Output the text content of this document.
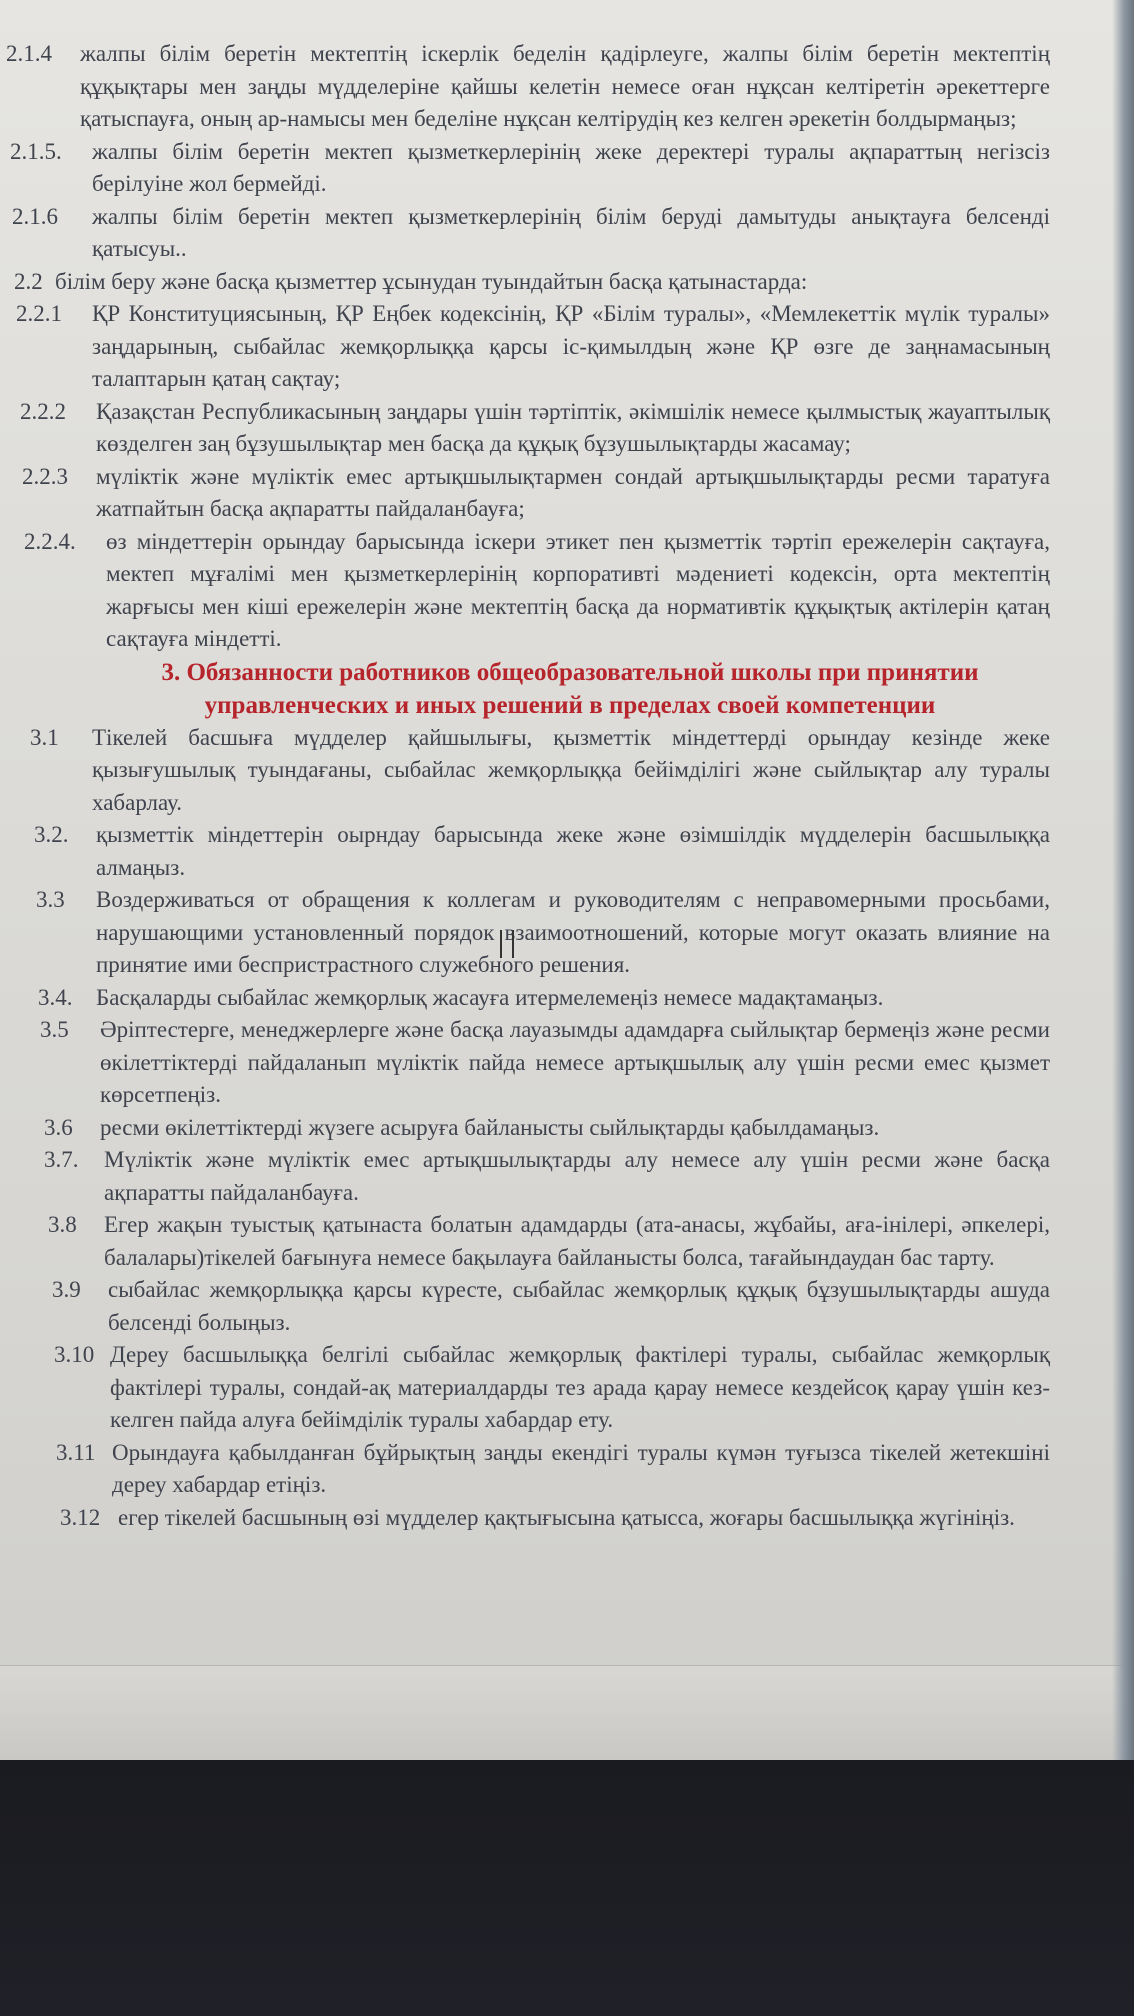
2.1.4 жалпы білім беретін мектептің іскерлік беделін қадірлеуге, жалпы білім беретін мектептің құқықтары мен заңды мүдделеріне қайшы келетін немесе оған нұқсан келтіретін әрекеттерге қатыспауға, оның ар-намысы мен беделіне нұқсан келтірудің кез келген әрекетін болдырмаңыз;

2.1.5. жалпы білім беретін мектеп қызметкерлерінің жеке деректері туралы ақпараттың негізсіз берілуіне жол бермейді.

2.1.6 жалпы білім беретін мектеп қызметкерлерінің білім беруді дамытуды анықтауға белсенді қатысуы..

2.2 білім беру және басқа қызметтер ұсынудан туындайтын басқа қатынастарда:

2.2.1 ҚР Конституциясының, ҚР Еңбек кодексінің, ҚР «Білім туралы», «Мемлекеттік мүлік туралы» заңдарының, сыбайлас жемқорлыққа қарсы іс-қимылдың және ҚР өзге де заңнамасының талаптарын қатаң сақтау;

2.2.2 Қазақстан Республикасының заңдары үшін тәртіптік, әкімшілік немесе қылмыстық жауаптылық көзделген заң бұзушылықтар мен басқа да құқық бұзушылықтарды жасамау;

2.2.3 мүліктік және мүліктік емес артықшылықтармен сондай артықшылықтарды ресми таратуға жатпайтын басқа ақпаратты пайдаланбауға;

2.2.4. өз міндеттерін орындау барысында іскери этикет пен қызметтік тәртіп ережелерін сақтауға, мектеп мұғалімі мен қызметкерлерінің корпоративті мәдениеті кодексін, орта мектептің жарғысы мен кіші ережелерін және мектептің басқа да нормативтік құқықтық актілерін қатаң сақтауға міндетті.

3. Обязанности работников общеобразовательной школы при принятии

управленческих и иных решений в пределах своей компетенции

3.1 Тікелей басшыға мүдделер қайшылығы, қызметтік міндеттерді орындау кезінде жеке қызығушылық туындағаны, сыбайлас жемқорлыққа бейімділігі және сыйлықтар алу туралы хабарлау.

3.2. қызметтік міндеттерін оырндау барысында жеке және өзімшілдік мүдделерін басшылыққа алмаңыз.

3.3 Воздерживаться от обращения к коллегам и руководителям с неправомерными просьбами, нарушающими установленный порядок взаимоотношений, которые могут оказать влияние на принятие ими беспристрастного служебного решения.

3.4. Басқаларды сыбайлас жемқорлық жасауға итермелемеңіз немесе мадақтамаңыз.

3.5 Әріптестерге, менеджерлерге және басқа лауазымды адамдарға сыйлықтар бермеңіз және ресми өкілеттіктерді пайдаланып мүліктік пайда немесе артықшылық алу үшін ресми емес қызмет көрсетпеңіз.

3.6 ресми өкілеттіктерді жүзеге асыруға байланысты сыйлықтарды қабылдамаңыз.

3.7. Мүліктік және мүліктік емес артықшылықтарды алу немесе алу үшін ресми және басқа ақпаратты пайдаланбауға.

3.8 Егер жақын туыстық қатынаста болатын адамдарды (ата-анасы, жұбайы, аға-інілері, әпкелері, балалары)тікелей бағынуға немесе бақылауға байланысты болса, тағайындаудан бас тарту.

3.9 сыбайлас жемқорлыққа қарсы күресте, сыбайлас жемқорлық құқық бұзушылықтарды ашуда белсенді болыңыз.

3.10 Дереу басшылыққа белгілі сыбайлас жемқорлық фактілері туралы, сыбайлас жемқорлық фактілері туралы, сондай-ақ материалдарды тез арада қарау немесе кездейсоқ қарау үшін кез-келген пайда алуға бейімділік туралы хабардар ету.

3.11 Орындауға қабылданған бұйрықтың заңды екендігі туралы күмән туғызса тікелей жетекшіні дереу хабардар етіңіз.

3.12 егер тікелей басшының өзі мүдделер қақтығысына қатысса, жоғары басшылыққа жүгініңіз.
